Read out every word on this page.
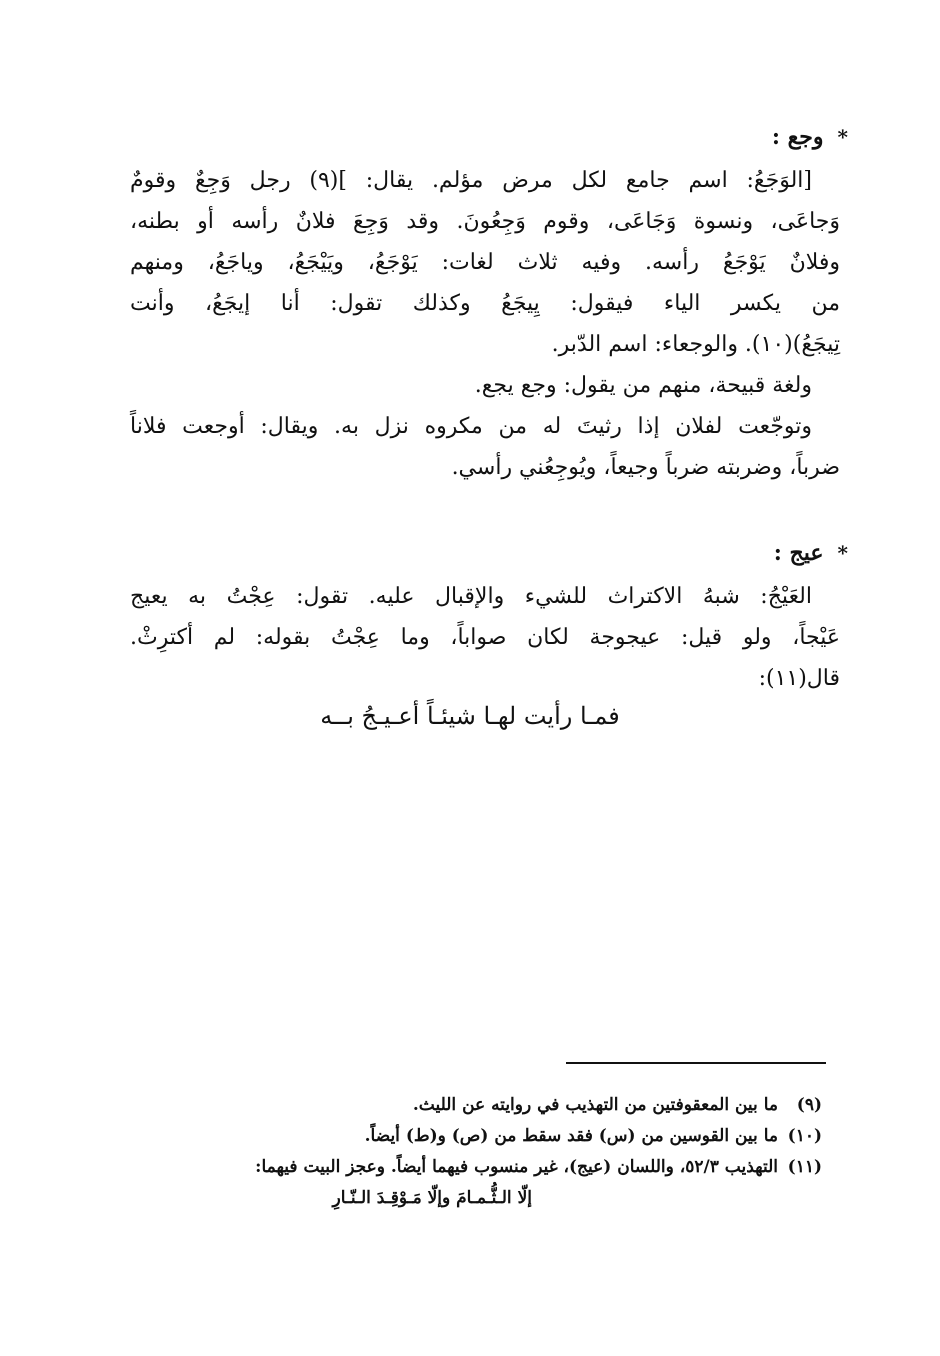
*وجع :
[الوَجَعُ: اسم جامع لكل مرض مؤلم. يقال: ](٩) رجل وَجِعٌ وقومٌ
وَجاعَى، ونسوة وَجَاعَى، وقوم وَجِعُونَ. وقد وَجِعَ فلانٌ رأسه أو بطنه،
وفلانٌ يَوْجَعُ رأسه. وفيه ثلاث لغات: يَوْجَعُ، ويَيْجَعُ، وياجَعُ، ومنهم
من يكسر الياء فيقول: يِيجَعُ وكذلك تقول: أنا إيجَعُ، وأنت
تِيجَعُ)(١٠). والوجعاء: اسم الدّبر.
ولغة قبيحة، منهم من يقول: وجع يجع.
وتوجّعت لفلان إذا رثيتَ له من مكروه نزل به. ويقال: أوجعت فلاناً
ضرباً، وضربته ضرباً وجيعاً، ويُوجِعُني رأسي.
*عيج :
العَيْجُ: شبهُ الاكتراث للشيء والإقبال عليه. تقول: عِجْتُ به يعيج
عَيْجاً، ولو قيل: عيجوجة لكان صواباً، وما عِجْتُ بقوله: لم أكترِثْ.
قال(١١):
فمـا رأيت لهـا شيئـاً أعـيـجُ بــه
(٩)ما بين المعقوفتين من التهذيب في روايته عن الليث.
(١٠)ما بين القوسين من (س) فقد سقط من (ص) و(ط) أيضاً.
(١١)التهذيب ٥٢/٣، واللسان (عيج)، غير منسوب فيهما أيضاً. وعجز البيت فيهما:
إلّا الـثُّـمـامَ وإلّا مَـوْقِـدَ الـنّـارِ
